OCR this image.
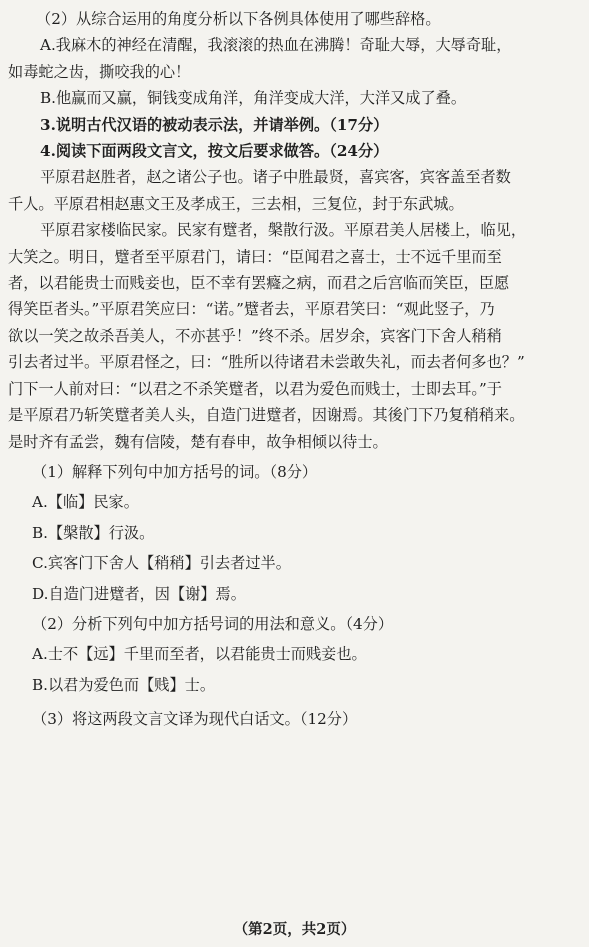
（2）从综合运用的角度分析以下各例具体使用了哪些辞格。
A.我麻木的神经在清醒，我滚滚的热血在沸腾！奇耻大辱，大辱奇耻，
如毒蛇之齿，撕咬我的心！
B.他赢而又赢，铜钱变成角洋，角洋变成大洋，大洋又成了叠。
3.说明古代汉语的被动表示法，并请举例。（17分）
4.阅读下面两段文言文，按文后要求做答。（24分）
平原君赵胜者，赵之诸公子也。诸子中胜最贤，喜宾客，宾客盖至者数
千人。平原君相赵惠文王及孝成王，三去相，三复位，封于东武城。
平原君家楼临民家。民家有躄者，槃散行汲。平原君美人居楼上，临见，
大笑之。明日，躄者至平原君门，请曰：“臣闻君之喜士，士不远千里而至
者，以君能贵士而贱妾也，臣不幸有罢癃之病，而君之后宫临而笑臣，臣愿
得笑臣者头。”平原君笑应曰：“诺。”躄者去，平原君笑曰：“观此竖子，乃
欲以一笑之故杀吾美人，不亦甚乎！”终不杀。居岁余，宾客门下舍人稍稍
引去者过半。平原君怪之，曰：“胜所以待诸君未尝敢失礼，而去者何多也？”
门下一人前对曰：“以君之不杀笑躄者，以君为爱色而贱士，士即去耳。”于
是平原君乃斩笑躄者美人头，自造门进躄者，因谢焉。其後门下乃复稍稍来。
是时齐有孟尝，魏有信陵，楚有春申，故争相倾以待士。
（1）解释下列句中加方括号的词。（8分）
A.【临】民家。
B.【槃散】行汲。
C.宾客门下舍人【稍稍】引去者过半。
D.自造门进躄者，因【谢】焉。
（2）分析下列句中加方括号词的用法和意义。（4分）
A.士不【远】千里而至者，以君能贵士而贱妾也。
B.以君为爱色而【贱】士。
（3）将这两段文言文译为现代白话文。（12分）
（第2页，共2页）
